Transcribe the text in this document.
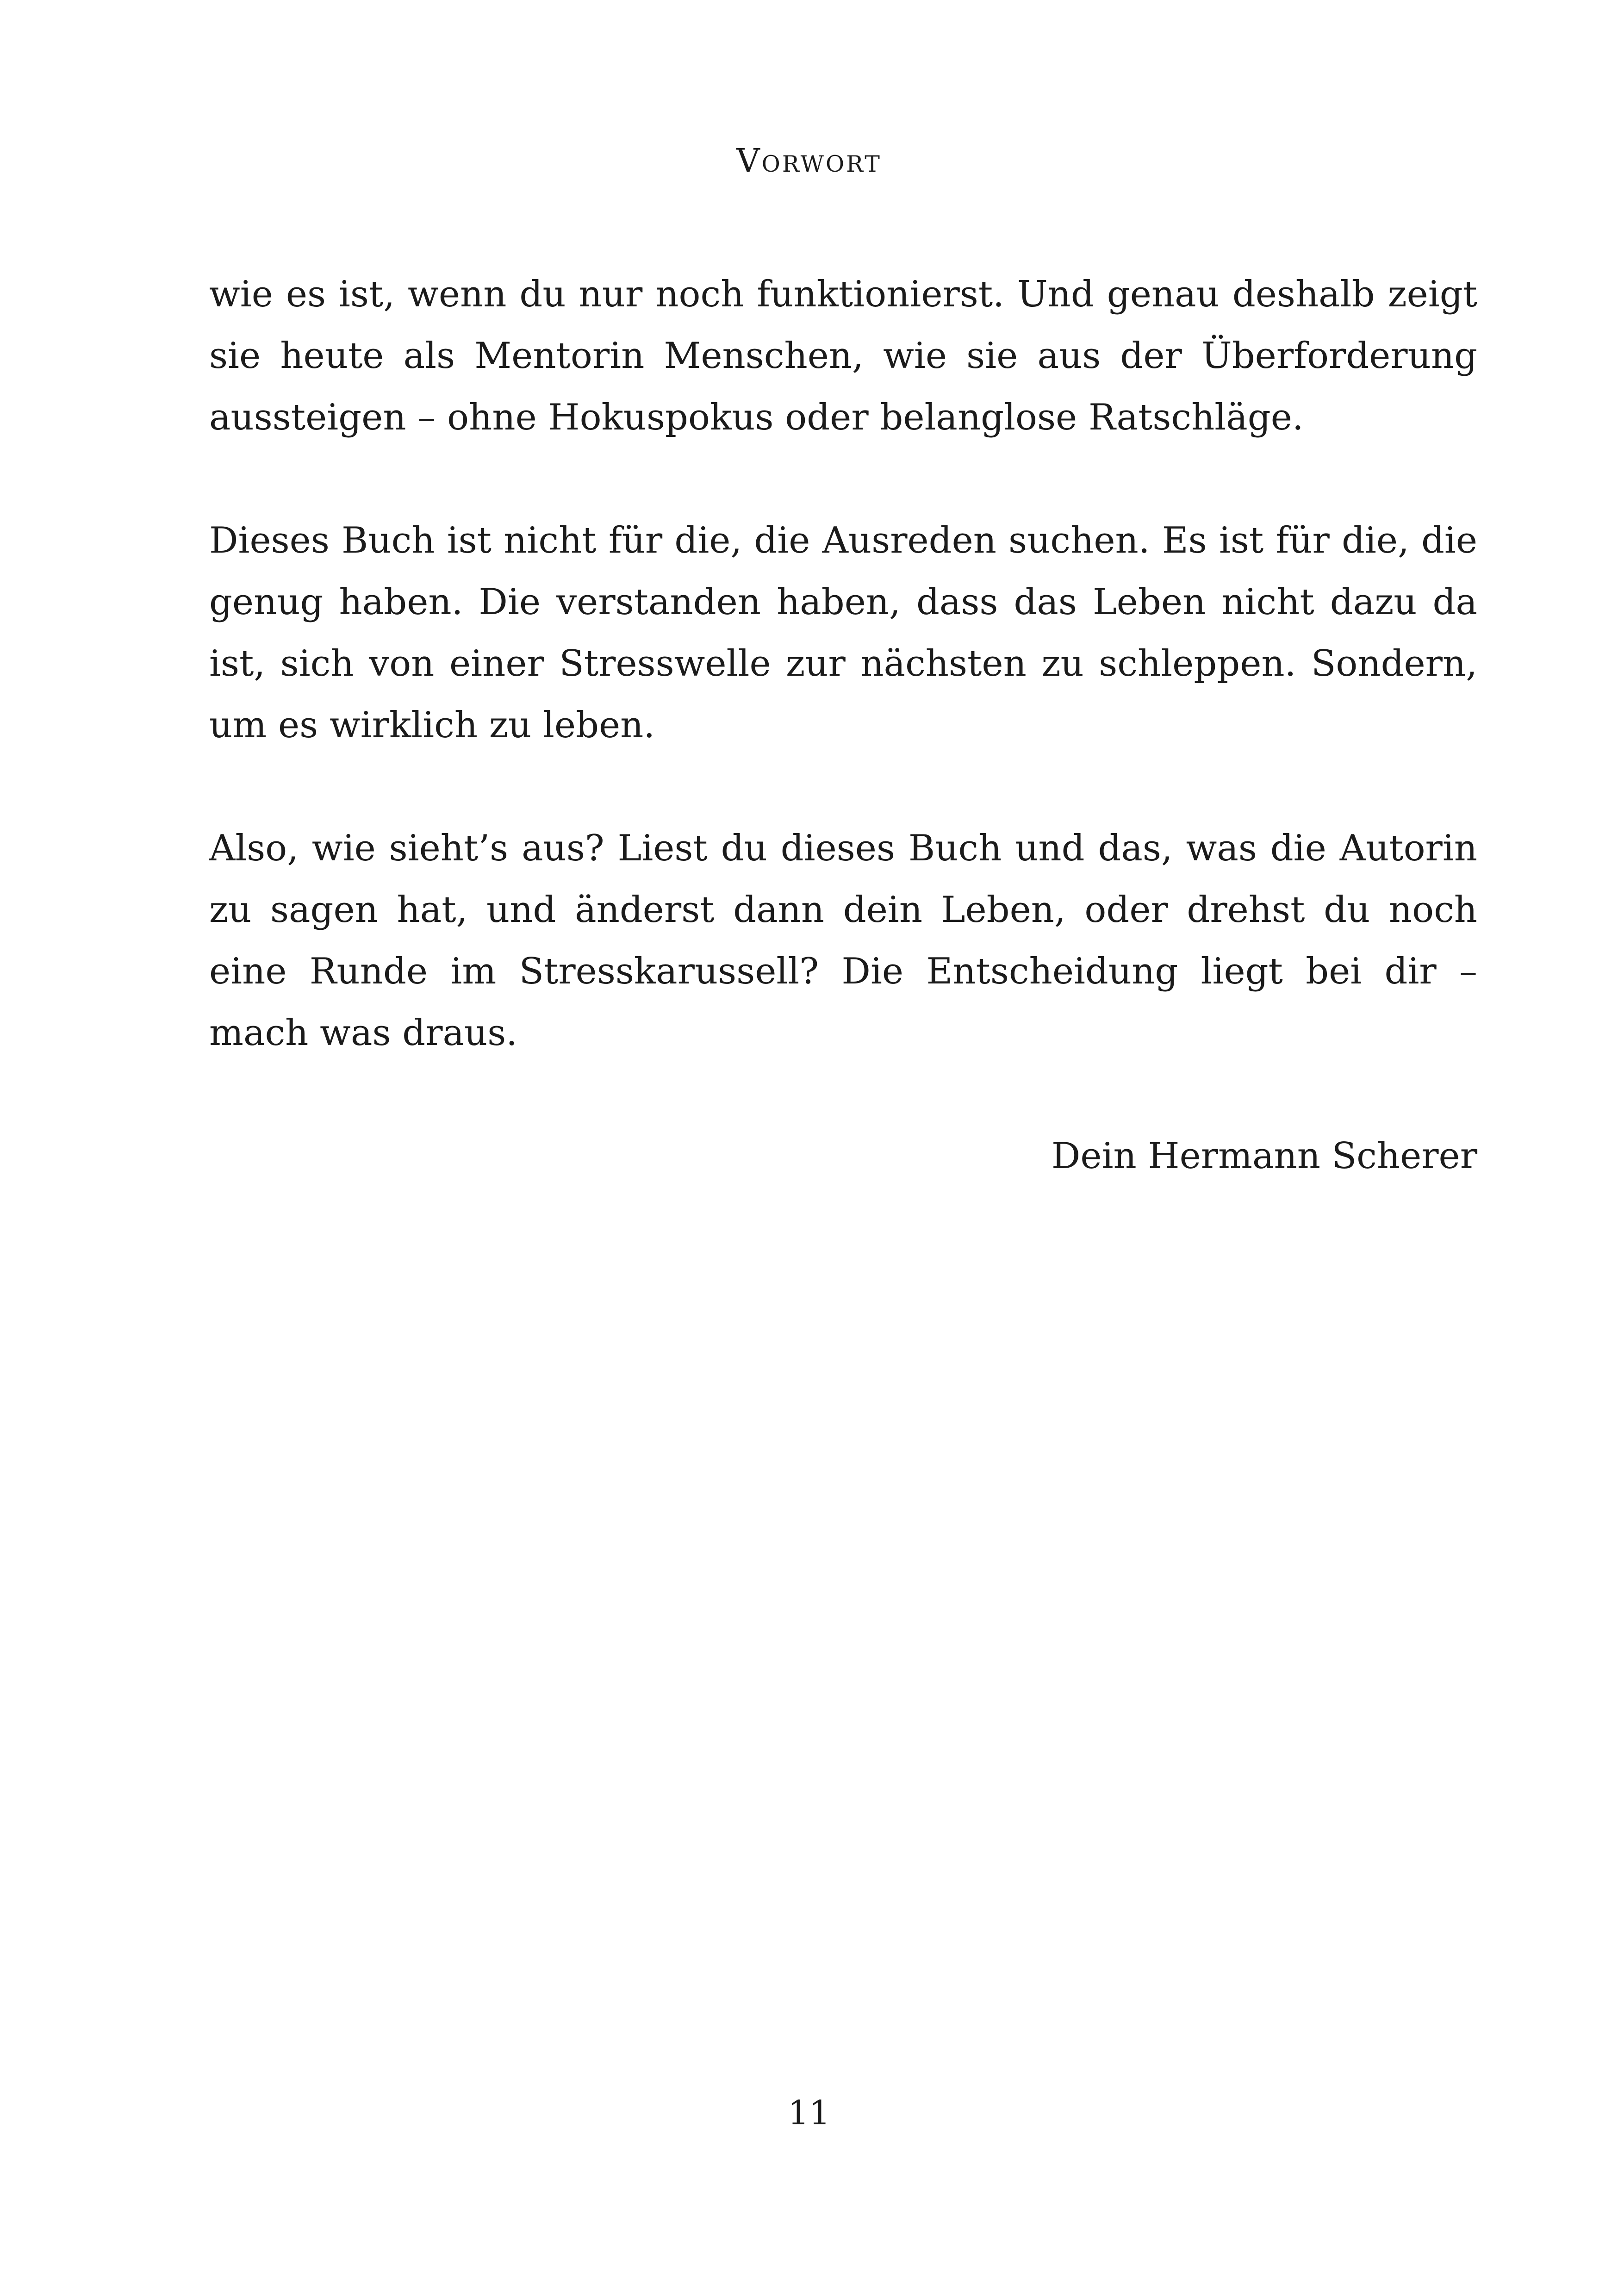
Vorwort

wie es ist, wenn du nur noch funktionierst. Und genau deshalb zeigt sie heute als Mentorin Menschen, wie sie aus der Überforderung aussteigen – ohne Hokuspokus oder belanglose Ratschläge.

Dieses Buch ist nicht für die, die Ausreden suchen. Es ist für die, die genug haben. Die verstanden haben, dass das Leben nicht dazu da ist, sich von einer Stresswelle zur nächsten zu schleppen. Sondern, um es wirklich zu leben.

Also, wie sieht’s aus? Liest du dieses Buch und das, was die Autorin zu sagen hat, und änderst dann dein Leben, oder drehst du noch eine Runde im Stresskarussell? Die Entscheidung liegt bei dir – mach was draus.

Dein Hermann Scherer

11
